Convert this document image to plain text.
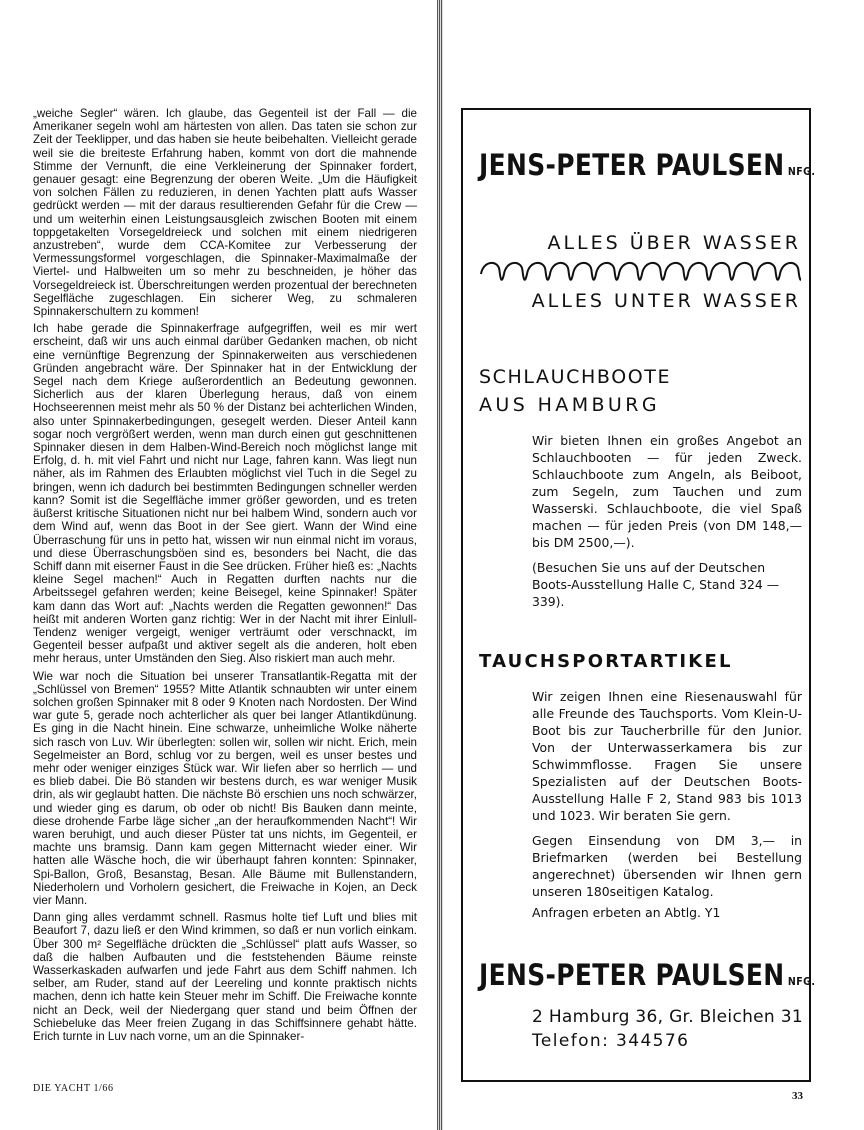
„weiche Segler“ wären. Ich glaube, das Gegenteil ist der Fall — die Amerikaner segeln wohl am härtesten von allen. Das taten sie schon zur Zeit der Teeklipper, und das haben sie heute beibehalten. Vielleicht gerade weil sie die breiteste Erfahrung haben, kommt von dort die mahnende Stimme der Vernunft, die eine Verkleinerung der Spinnaker fordert, genauer gesagt: eine Begrenzung der oberen Weite. „Um die Häufigkeit von solchen Fällen zu reduzieren, in denen Yachten platt aufs Wasser gedrückt werden — mit der daraus resultierenden Gefahr für die Crew — und um weiterhin einen Leistungsausgleich zwischen Booten mit einem toppgetakelten Vorsegeldreieck und solchen mit einem niedrigeren anzustreben“, wurde dem CCA-Komitee zur Verbesserung der Vermessungsformel vorgeschlagen, die Spinnaker-Maximalmaße der Viertel- und Halbweiten um so mehr zu beschneiden, je höher das Vorsegeldreieck ist. Überschreitungen werden prozentual der berechneten Segelfläche zugeschlagen. Ein sicherer Weg, zu schmaleren Spinnakerschultern zu kommen!

Ich habe gerade die Spinnakerfrage aufgegriffen, weil es mir wert erscheint, daß wir uns auch einmal darüber Gedanken machen, ob nicht eine vernünftige Begrenzung der Spinnakerweiten aus verschiedenen Gründen angebracht wäre. Der Spinnaker hat in der Entwicklung der Segel nach dem Kriege außerordentlich an Bedeutung gewonnen. Sicherlich aus der klaren Überlegung heraus, daß von einem Hochseerennen meist mehr als 50 % der Distanz bei achterlichen Winden, also unter Spinnakerbedingungen, gesegelt werden. Dieser Anteil kann sogar noch vergrößert werden, wenn man durch einen gut geschnittenen Spinnaker diesen in dem Halben-Wind-Bereich noch möglichst lange mit Erfolg, d. h. mit viel Fahrt und nicht nur Lage, fahren kann. Was liegt nun näher, als im Rahmen des Erlaubten möglichst viel Tuch in die Segel zu bringen, wenn ich dadurch bei bestimmten Bedingungen schneller werden kann? Somit ist die Segelfläche immer größer geworden, und es treten äußerst kritische Situationen nicht nur bei halbem Wind, sondern auch vor dem Wind auf, wenn das Boot in der See giert. Wann der Wind eine Überraschung für uns in petto hat, wissen wir nun einmal nicht im voraus, und diese Überraschungsböen sind es, besonders bei Nacht, die das Schiff dann mit eiserner Faust in die See drücken. Früher hieß es: „Nachts kleine Segel machen!“ Auch in Regatten durften nachts nur die Arbeitssegel gefahren werden; keine Beisegel, keine Spinnaker! Später kam dann das Wort auf: „Nachts werden die Regatten gewonnen!“ Das heißt mit anderen Worten ganz richtig: Wer in der Nacht mit ihrer Einlull-Tendenz weniger vergeigt, weniger verträumt oder verschnackt, im Gegenteil besser aufpaßt und aktiver segelt als die anderen, holt eben mehr heraus, unter Umständen den Sieg. Also riskiert man auch mehr.

Wie war noch die Situation bei unserer Transatlantik-Regatta mit der „Schlüssel von Bremen“ 1955? Mitte Atlantik schnaubten wir unter einem solchen großen Spinnaker mit 8 oder 9 Knoten nach Nordosten. Der Wind war gute 5, gerade noch achterlicher als quer bei langer Atlantikdünung. Es ging in die Nacht hinein. Eine schwarze, unheimliche Wolke näherte sich rasch von Luv. Wir überlegten: sollen wir, sollen wir nicht. Erich, mein Segelmeister an Bord, schlug vor zu bergen, weil es unser bestes und mehr oder weniger einziges Stück war. Wir liefen aber so herrlich — und es blieb dabei. Die Bö standen wir bestens durch, es war weniger Musik drin, als wir geglaubt hatten. Die nächste Bö erschien uns noch schwärzer, und wieder ging es darum, ob oder ob nicht! Bis Bauken dann meinte, diese drohende Farbe läge sicher „an der heraufkommenden Nacht“! Wir waren beruhigt, und auch dieser Püster tat uns nichts, im Gegenteil, er machte uns bramsig. Dann kam gegen Mitternacht wieder einer. Wir hatten alle Wäsche hoch, die wir überhaupt fahren konnten: Spinnaker, Spi-Ballon, Groß, Besanstag, Besan. Alle Bäume mit Bullenstandern, Niederholern und Vorholern gesichert, die Freiwache in Kojen, an Deck vier Mann.

Dann ging alles verdammt schnell. Rasmus holte tief Luft und blies mit Beaufort 7, dazu ließ er den Wind krimmen, so daß er nun vorlich einkam. Über 300 m² Segelfläche drückten die „Schlüssel“ platt aufs Wasser, so daß die halben Aufbauten und die feststehenden Bäume reinste Wasserkaskaden aufwarfen und jede Fahrt aus dem Schiff nahmen. Ich selber, am Ruder, stand auf der Leereling und konnte praktisch nichts machen, denn ich hatte kein Steuer mehr im Schiff. Die Freiwache konnte nicht an Deck, weil der Niedergang quer stand und beim Öffnen der Schiebeluke das Meer freien Zugang in das Schiffsinnere gehabt hätte. Erich turnte in Luv nach vorne, um an die Spinnaker-

DIE YACHT 1/66
JENS-PETER PAULSEN NFG.
ALLES ÜBER WASSER
ALLES UNTER WASSER
SCHLAUCHBOOTE
AUS HAMBURG
Wir bieten Ihnen ein großes Angebot an Schlauchbooten — für jeden Zweck. Schlauchboote zum Angeln, als Beiboot, zum Segeln, zum Tauchen und zum Wasserski. Schlauchboote, die viel Spaß machen — für jeden Preis (von DM 148,— bis DM 2500,—).
(Besuchen Sie uns auf der Deutschen Boots-Ausstellung Halle C, Stand 324 — 339).
TAUCHSPORTARTIKEL
Wir zeigen Ihnen eine Riesenauswahl für alle Freunde des Tauchsports. Vom Klein-U-Boot bis zur Taucherbrille für den Junior. Von der Unterwasserkamera bis zur Schwimmflosse. Fragen Sie unsere Spezialisten auf der Deutschen Boots-Ausstellung Halle F 2, Stand 983 bis 1013 und 1023. Wir beraten Sie gern.
Gegen Einsendung von DM 3,— in Briefmarken (werden bei Bestellung angerechnet) übersenden wir Ihnen gern unseren 180seitigen Katalog.
Anfragen erbeten an Abtlg. Y1
JENS-PETER PAULSEN NFG.
2 Hamburg 36, Gr. Bleichen 31
Telefon: 344576
33
